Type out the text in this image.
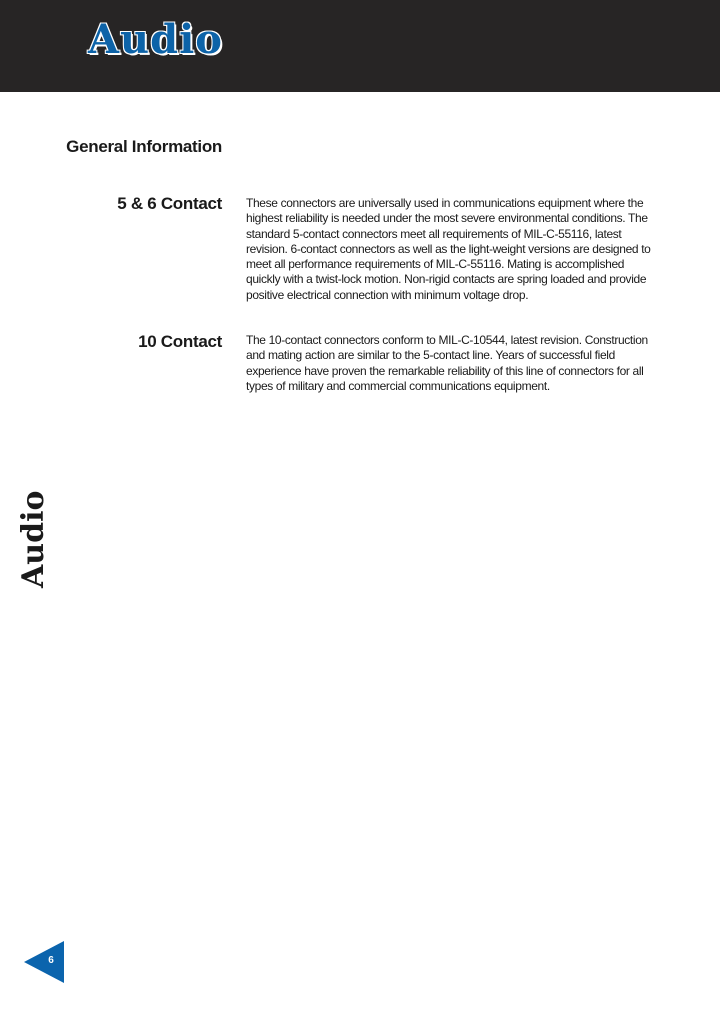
Audio
General Information
5 & 6 Contact These connectors are universally used in communications equipment where the highest reliability is needed under the most severe environmental conditions. The standard 5-contact connectors meet all requirements of MIL-C-55116, latest revision. 6-contact connectors as well as the light-weight versions are designed to meet all performance requirements of MIL-C-55116. Mating is accomplished quickly with a twist-lock motion. Non-rigid contacts are spring loaded and provide positive electrical connection with minimum voltage drop.

10 Contact The 10-contact connectors conform to MIL-C-10544, latest revision. Construction and mating action are similar to the 5-contact line. Years of successful field experience have proven the remarkable reliability of this line of connectors for all types of military and commercial communications equipment.

Audio
6
